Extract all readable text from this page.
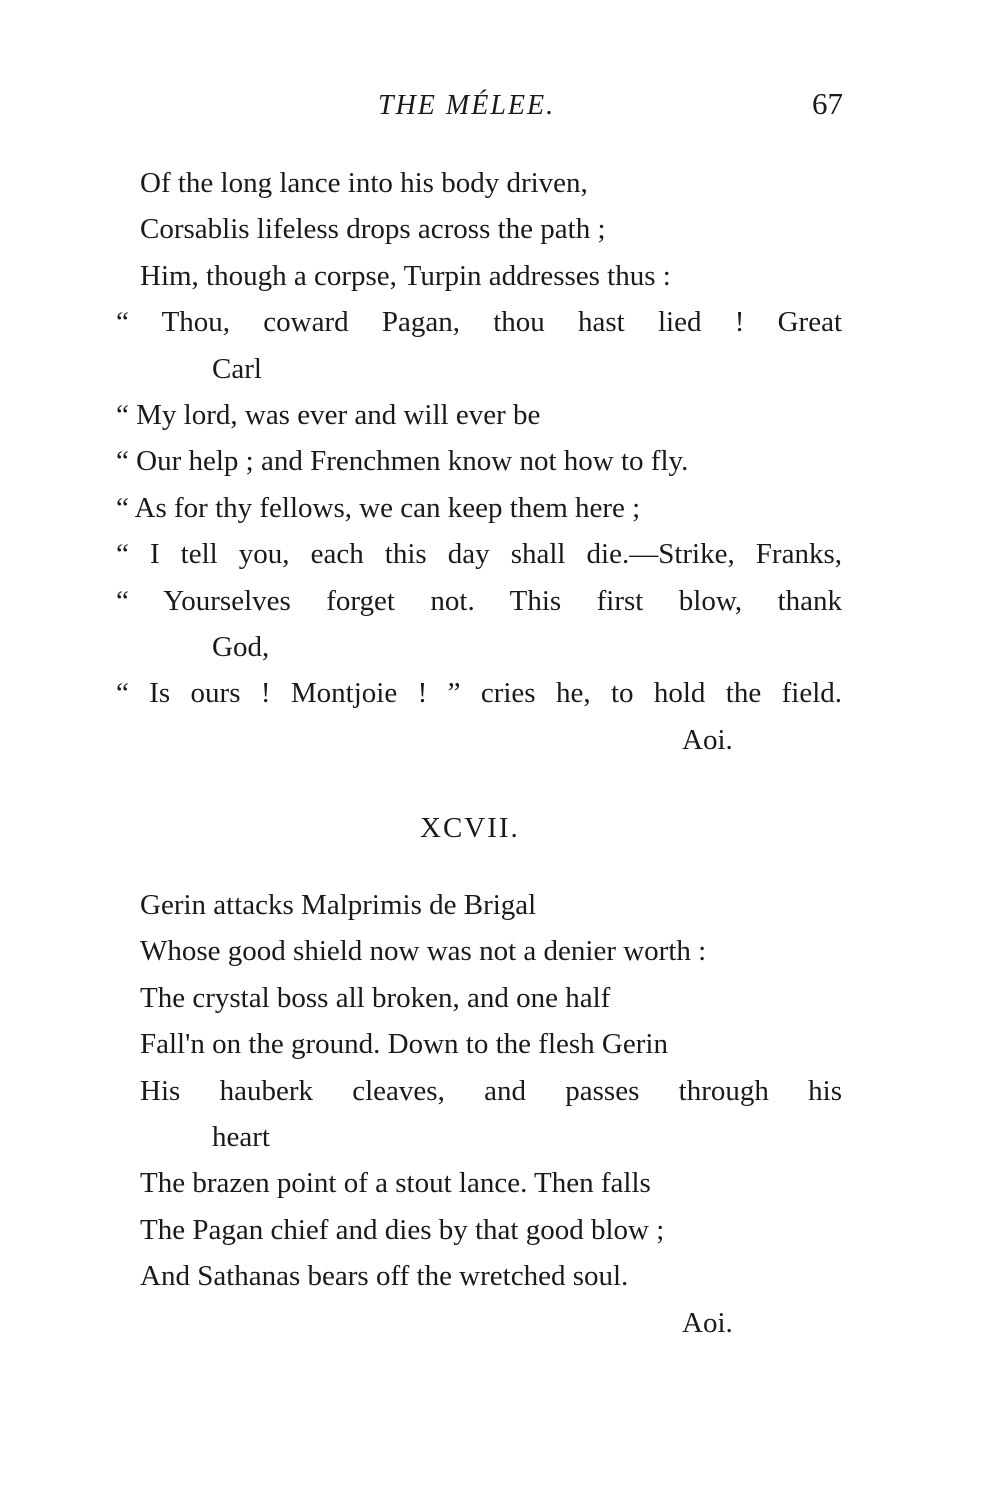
THE MÉLEE.	67
Of the long lance into his body driven,
Corsablis lifeless drops across the path ;
Him, though a corpse, Turpin addresses thus :
“ Thou, coward Pagan, thou hast lied ! Great
Carl
“ My lord, was ever and will ever be
“ Our help ; and Frenchmen know not how to fly.
“ As for thy fellows, we can keep them here ;
“ I tell you, each this day shall die.—Strike, Franks,
“ Yourselves forget not. This first blow, thank
God,
“ Is ours ! Montjoie ! ” cries he, to hold the field.
Aoi.
XCVII.
Gerin attacks Malprimis de Brigal
Whose good shield now was not a denier worth :
The crystal boss all broken, and one half
Fall'n on the ground. Down to the flesh Gerin
His hauberk cleaves, and passes through his
heart
The brazen point of a stout lance. Then falls
The Pagan chief and dies by that good blow ;
And Sathanas bears off the wretched soul.
Aoi.
